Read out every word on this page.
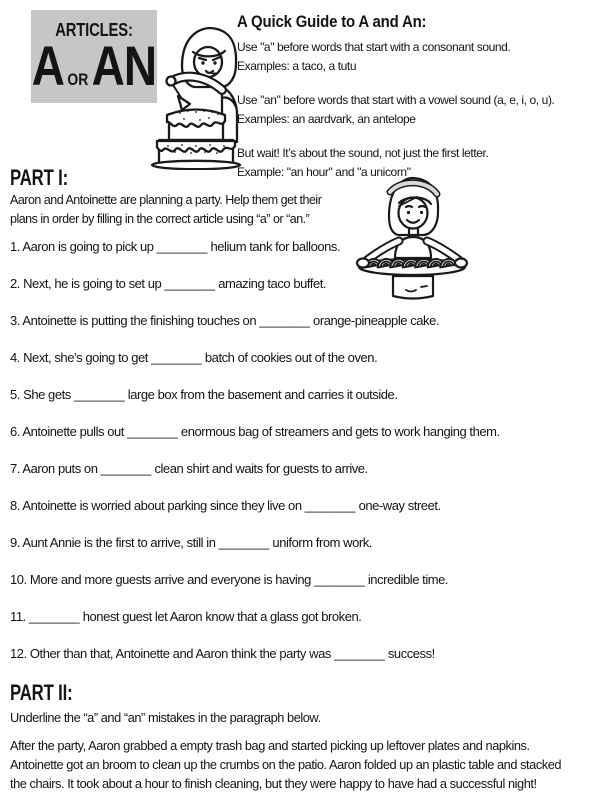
ARTICLES:
A OR AN
A Quick Guide to A and An:
Use "a" before words that start with a consonant sound.
Examples: a taco, a tutu
Use "an" before words that start with a vowel sound (a, e, i, o, u).
Examples: an aardvark, an antelope
But wait! It’s about the sound, not just the first letter.
Example: "an hour" and "a unicorn"
PART I:
Aaron and Antoinette are planning a party. Help them get their
plans in order by filling in the correct article using “a” or “an.”
1. Aaron is going to pick up _______ helium tank for balloons.
2. Next, he is going to set up _______ amazing taco buffet.
3. Antoinette is putting the finishing touches on _______ orange-pineapple cake.
4. Next, she’s going to get _______ batch of cookies out of the oven.
5. She gets _______ large box from the basement and carries it outside.
6. Antoinette pulls out _______ enormous bag of streamers and gets to work hanging them.
7. Aaron puts on _______ clean shirt and waits for guests to arrive.
8. Antoinette is worried about parking since they live on _______ one-way street.
9. Aunt Annie is the first to arrive, still in _______ uniform from work.
10. More and more guests arrive and everyone is having _______ incredible time.
11. _______ honest guest let Aaron know that a glass got broken.
12. Other than that, Antoinette and Aaron think the party was _______ success!
PART II:
Underline the “a” and “an” mistakes in the paragraph below.
After the party, Aaron grabbed a empty trash bag and started picking up leftover plates and napkins.
Antoinette got an broom to clean up the crumbs on the patio. Aaron folded up an plastic table and stacked
the chairs. It took about a hour to finish cleaning, but they were happy to have had a successful night!
